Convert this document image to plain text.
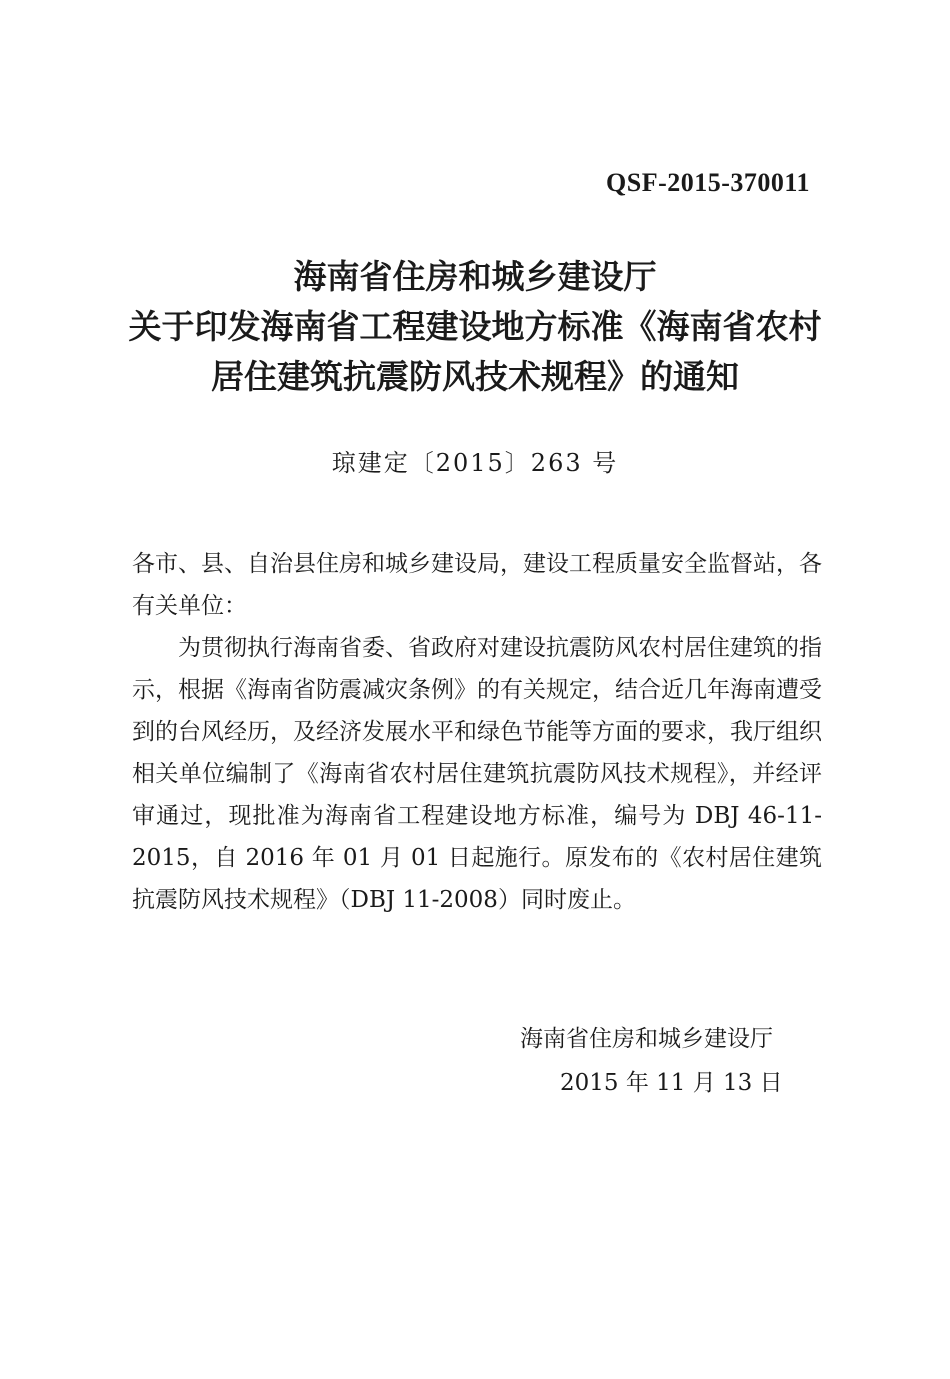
QSF-2015-370011
海南省住房和城乡建设厅
关于印发海南省工程建设地方标准《海南省农村
居住建筑抗震防风技术规程》的通知
琼建定〔2015〕263 号

各市、县、自治县住房和城乡建设局，建设工程质量安全监督站，各有关单位：

为贯彻执行海南省委、省政府对建设抗震防风农村居住建筑的指示，根据《海南省防震减灾条例》的有关规定，结合近几年海南遭受到的台风经历，及经济发展水平和绿色节能等方面的要求，我厅组织相关单位编制了《海南省农村居住建筑抗震防风技术规程》，并经评审通过，现批准为海南省工程建设地方标准，编号为 DBJ 46-11-2015，自 2016 年 01 月 01 日起施行。原发布的《农村居住建筑抗震防风技术规程》（DBJ 11-2008）同时废止。

海南省住房和城乡建设厅
2015 年 11 月 13 日
